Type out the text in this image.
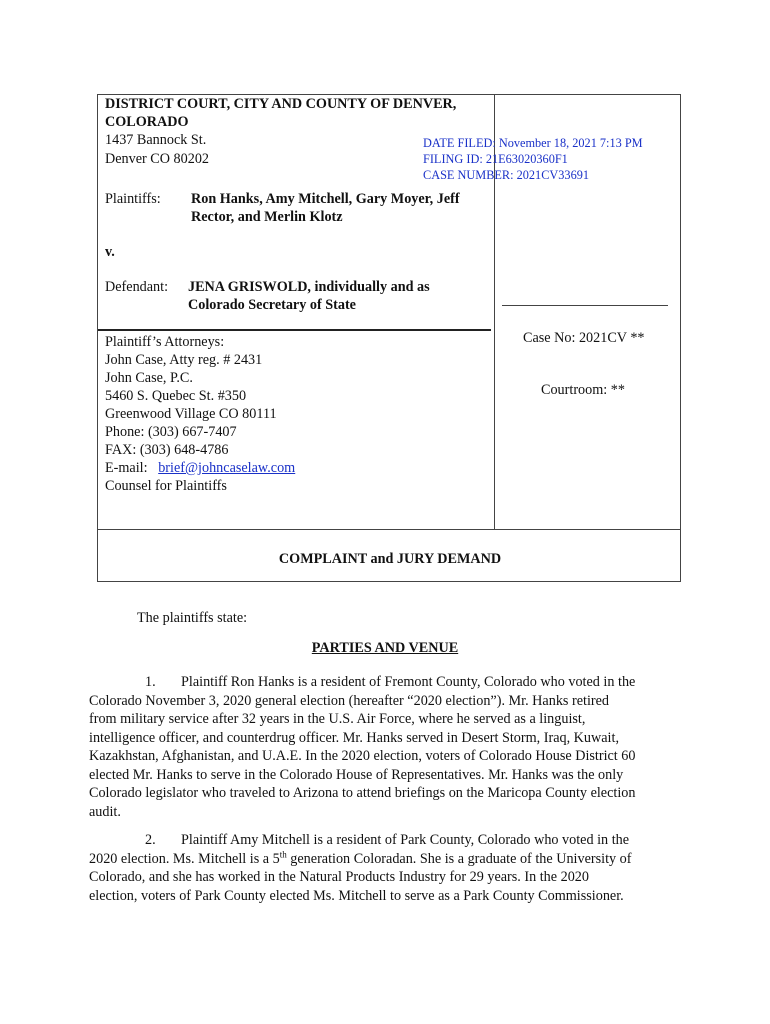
DISTRICT COURT, CITY AND COUNTY OF DENVER,
COLORADO
1437 Bannock St.
Denver CO 80202
DATE FILED: November 18, 2021 7:13 PM
FILING ID: 21E63020360F1
CASE NUMBER: 2021CV33691
Plaintiffs: Ron Hanks, Amy Mitchell, Gary Moyer, Jeff
Rector, and Merlin Klotz
v.
Defendant: JENA GRISWOLD, individually and as
Colorado Secretary of State
Plaintiff’s Attorneys:
John Case, Atty reg. # 2431
John Case, P.C.
5460 S. Quebec St. #350
Greenwood Village CO 80111
Phone: (303) 667-7407
FAX: (303) 648-4786
E-mail: brief@johncaselaw.com
Counsel for Plaintiffs
Case No: 2021CV **
Courtroom: **
COMPLAINT and JURY DEMAND
The plaintiffs state:
PARTIES AND VENUE
1. Plaintiff Ron Hanks is a resident of Fremont County, Colorado who voted in the
Colorado November 3, 2020 general election (hereafter “2020 election”). Mr. Hanks retired
from military service after 32 years in the U.S. Air Force, where he served as a linguist,
intelligence officer, and counterdrug officer. Mr. Hanks served in Desert Storm, Iraq, Kuwait,
Kazakhstan, Afghanistan, and U.A.E. In the 2020 election, voters of Colorado House District 60
elected Mr. Hanks to serve in the Colorado House of Representatives. Mr. Hanks was the only
Colorado legislator who traveled to Arizona to attend briefings on the Maricopa County election
audit.
2. Plaintiff Amy Mitchell is a resident of Park County, Colorado who voted in the
2020 election. Ms. Mitchell is a 5th generation Coloradan. She is a graduate of the University of
Colorado, and she has worked in the Natural Products Industry for 29 years. In the 2020
election, voters of Park County elected Ms. Mitchell to serve as a Park County Commissioner.
